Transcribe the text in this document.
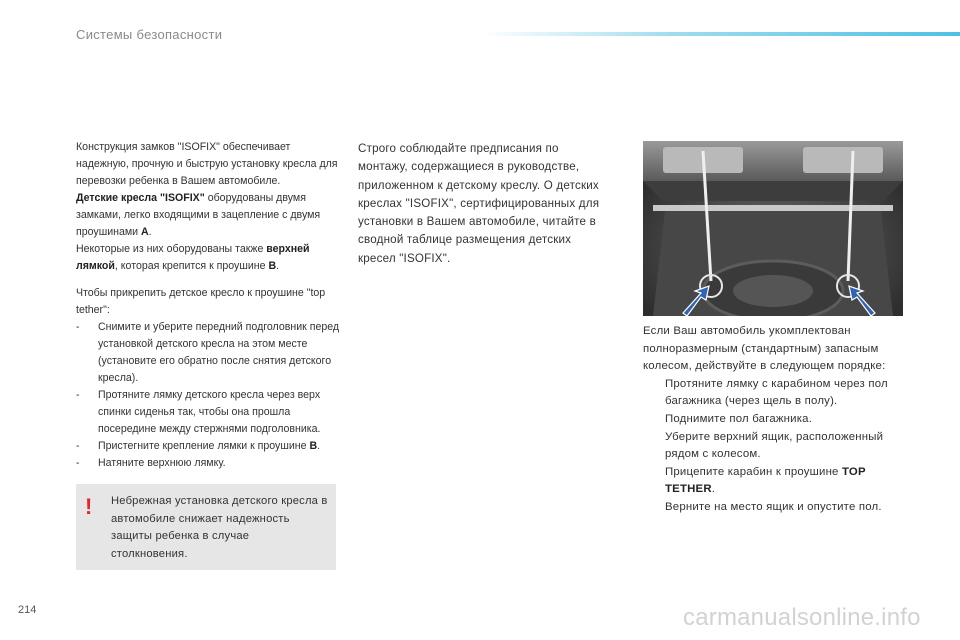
Системы безопасности

Конструкция замков "ISOFIX" обеспечивает надежную, прочную и быструю установку кресла для перевозки ребенка в Вашем автомобиле.

Детские кресла "ISOFIX" оборудованы двумя замками, легко входящими в зацепление с двумя проушинами A.

Некоторые из них оборудованы также верхней лямкой, которая крепится к проушине B.

Чтобы прикрепить детское кресло к проушине "top tether":

- Снимите и уберите передний подголовник перед установкой детского кресла на этом месте (установите его обратно после снятия детского кресла).
- Протяните лямку детского кресла через верх спинки сиденья так, чтобы она прошла посередине между стержнями подголовника.
- Пристегните крепление лямки к проушине B.
- Натяните верхнюю лямку.
! Небрежная установка детского кресла в автомобиле снижает надежность защиты ребенка в случае столкновения.
Строго соблюдайте предписания по монтажу, содержащиеся в руководстве, приложенном к детскому креслу. О детских креслах "ISOFIX", сертифицированных для установки в Вашем автомобиле, читайте в сводной таблице размещения детских кресел "ISOFIX".

Если Ваш автомобиль укомплектован полноразмерным (стандартным) запасным колесом, действуйте в следующем порядке:

Протяните лямку с карабином через пол багажника (через щель в полу).
Поднимите пол багажника.
Уберите верхний ящик, расположенный рядом с колесом.
Прицепите карабин к проушине TOP TETHER.
Верните на место ящик и опустите пол.
214	carmanualsonline.info
